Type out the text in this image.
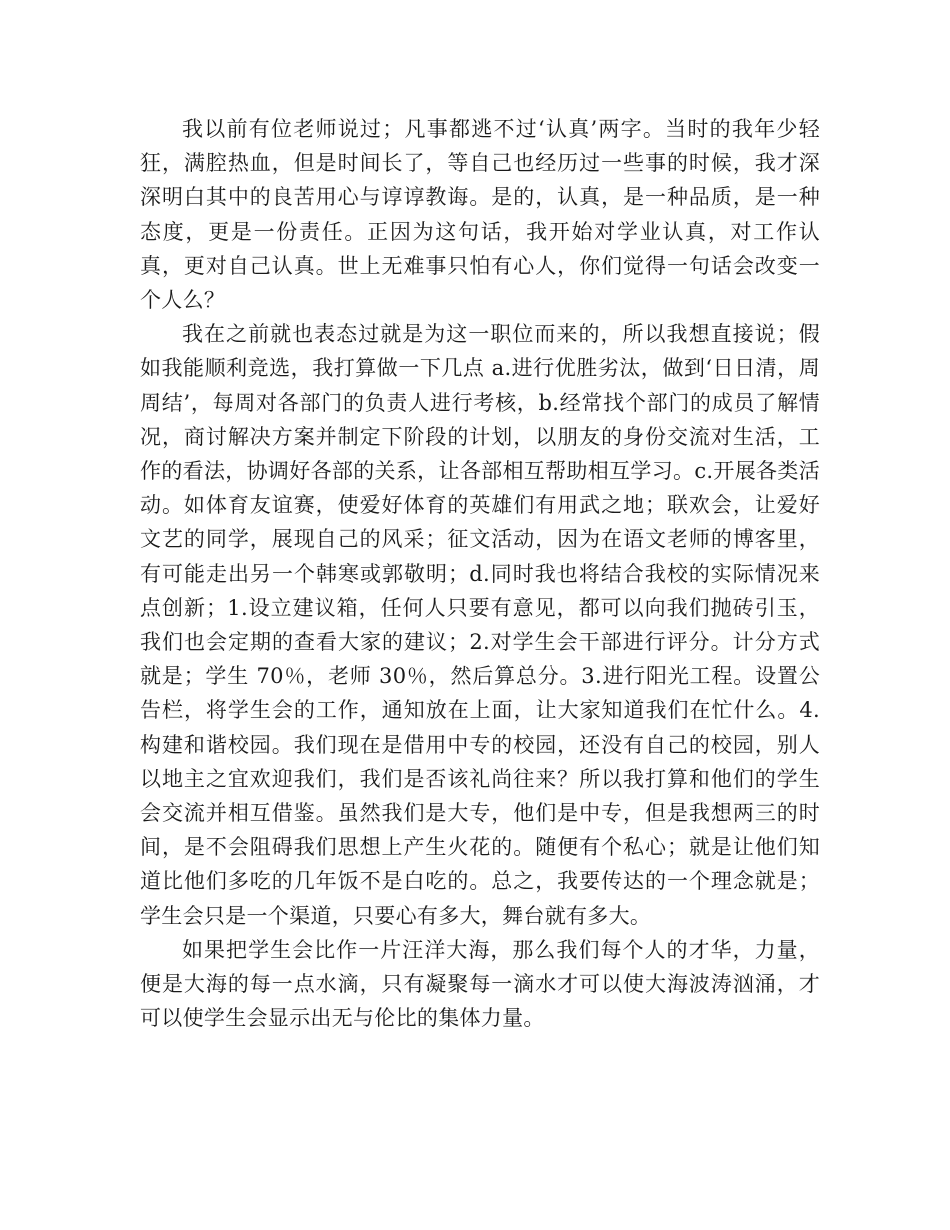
我以前有位老师说过；凡事都逃不过‘认真’两字。当时的我年少轻狂，满腔热血，但是时间长了，等自己也经历过一些事的时候，我才深深明白其中的良苦用心与谆谆教诲。是的，认真，是一种品质，是一种态度，更是一份责任。正因为这句话，我开始对学业认真，对工作认真，更对自己认真。世上无难事只怕有心人，你们觉得一句话会改变一个人么？

我在之前就也表态过就是为这一职位而来的，所以我想直接说；假如我能顺利竞选，我打算做一下几点 a.进行优胜劣汰，做到‘日日清，周周结’，每周对各部门的负责人进行考核，b.经常找个部门的成员了解情况，商讨解决方案并制定下阶段的计划，以朋友的身份交流对生活，工作的看法，协调好各部的关系，让各部相互帮助相互学习。c.开展各类活动。如体育友谊赛，使爱好体育的英雄们有用武之地；联欢会，让爱好文艺的同学，展现自己的风采；征文活动，因为在语文老师的博客里，有可能走出另一个韩寒或郭敬明；d.同时我也将结合我校的实际情况来点创新；1.设立建议箱，任何人只要有意见，都可以向我们抛砖引玉，我们也会定期的查看大家的建议；2.对学生会干部进行评分。计分方式就是；学生 70％，老师 30％，然后算总分。3.进行阳光工程。设置公告栏，将学生会的工作，通知放在上面，让大家知道我们在忙什么。4.构建和谐校园。我们现在是借用中专的校园，还没有自己的校园，别人以地主之宜欢迎我们，我们是否该礼尚往来？所以我打算和他们的学生会交流并相互借鉴。虽然我们是大专，他们是中专，但是我想两三的时间，是不会阻碍我们思想上产生火花的。随便有个私心；就是让他们知道比他们多吃的几年饭不是白吃的。总之，我要传达的一个理念就是；学生会只是一个渠道，只要心有多大，舞台就有多大。

如果把学生会比作一片汪洋大海，那么我们每个人的才华，力量，便是大海的每一点水滴，只有凝聚每一滴水才可以使大海波涛汹涌，才可以使学生会显示出无与伦比的集体力量。
